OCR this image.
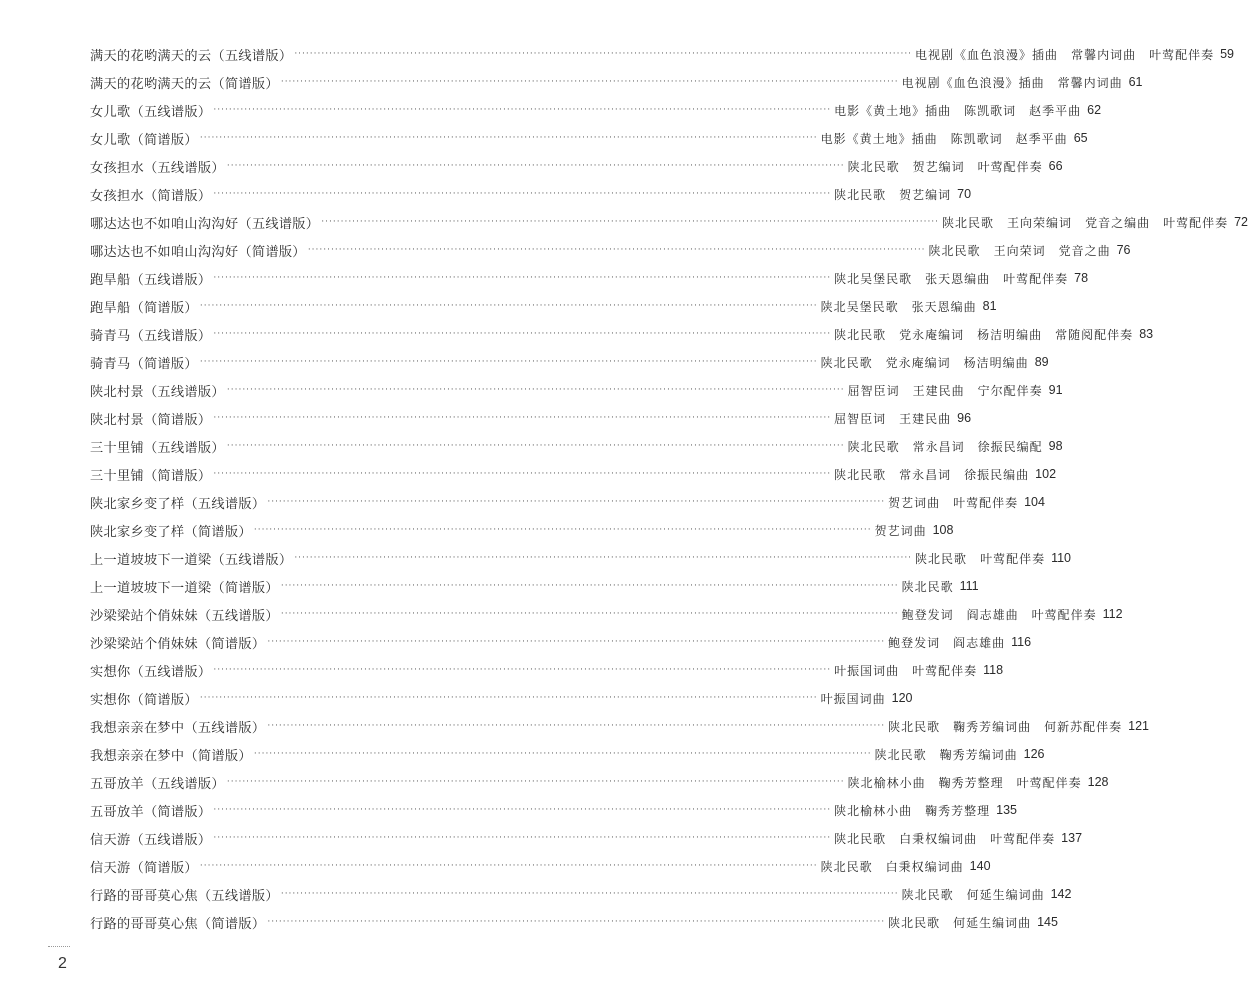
满天的花哟满天的云（五线谱版） ································································································································································ 电视剧《血色浪漫》插曲 常馨内词曲 叶莺配伴奏 59
满天的花哟满天的云（简谱版） ································································································································································ 电视剧《血色浪漫》插曲 常馨内词曲 61
女儿歌（五线谱版） ································································································································································ 电影《黄土地》插曲 陈凯歌词 赵季平曲 62
女儿歌（简谱版） ································································································································································ 电影《黄土地》插曲 陈凯歌词 赵季平曲 65
女孩担水（五线谱版） ································································································································································ 陕北民歌 贺艺编词 叶莺配伴奏 66
女孩担水（简谱版） ································································································································································ 陕北民歌 贺艺编词 70
哪达达也不如咱山沟沟好（五线谱版） ································································································································································ 陕北民歌 王向荣编词 党音之编曲 叶莺配伴奏 72
哪达达也不如咱山沟沟好（简谱版） ································································································································································ 陕北民歌 王向荣词 党音之曲 76
跑旱船（五线谱版） ································································································································································ 陕北吴堡民歌 张天恩编曲 叶莺配伴奏 78
跑旱船（简谱版） ································································································································································ 陕北吴堡民歌 张天恩编曲 81
骑青马（五线谱版） ································································································································································ 陕北民歌 党永庵编词 杨洁明编曲 常随阅配伴奏 83
骑青马（简谱版） ································································································································································ 陕北民歌 党永庵编词 杨洁明编曲 89
陕北村景（五线谱版） ································································································································································ 屈智臣词 王建民曲 宁尔配伴奏 91
陕北村景（简谱版） ································································································································································ 屈智臣词 王建民曲 96
三十里铺（五线谱版） ································································································································································ 陕北民歌 常永昌词 徐振民编配 98
三十里铺（简谱版） ································································································································································ 陕北民歌 常永昌词 徐振民编曲 102
陕北家乡变了样（五线谱版） ································································································································································ 贺艺词曲 叶莺配伴奏 104
陕北家乡变了样（简谱版） ································································································································································ 贺艺词曲 108
上一道坡坡下一道梁（五线谱版） ································································································································································ 陕北民歌 叶莺配伴奏 110
上一道坡坡下一道梁（简谱版） ································································································································································ 陕北民歌 111
沙梁梁站个俏妹妹（五线谱版） ································································································································································ 鲍登发词 阎志雄曲 叶莺配伴奏 112
沙梁梁站个俏妹妹（简谱版） ································································································································································ 鲍登发词 阎志雄曲 116
实想你（五线谱版） ································································································································································ 叶振国词曲 叶莺配伴奏 118
实想你（简谱版） ································································································································································ 叶振国词曲 120
我想亲亲在梦中（五线谱版） ································································································································································ 陕北民歌 鞠秀芳编词曲 何新苏配伴奏 121
我想亲亲在梦中（简谱版） ································································································································································ 陕北民歌 鞠秀芳编词曲 126
五哥放羊（五线谱版） ································································································································································ 陕北榆林小曲 鞠秀芳整理 叶莺配伴奏 128
五哥放羊（简谱版） ································································································································································ 陕北榆林小曲 鞠秀芳整理 135
信天游（五线谱版） ································································································································································ 陕北民歌 白秉权编词曲 叶莺配伴奏 137
信天游（简谱版） ································································································································································ 陕北民歌 白秉权编词曲 140
行路的哥哥莫心焦（五线谱版） ································································································································································ 陕北民歌 何延生编词曲 142
行路的哥哥莫心焦（简谱版） ································································································································································ 陕北民歌 何延生编词曲 145
2
